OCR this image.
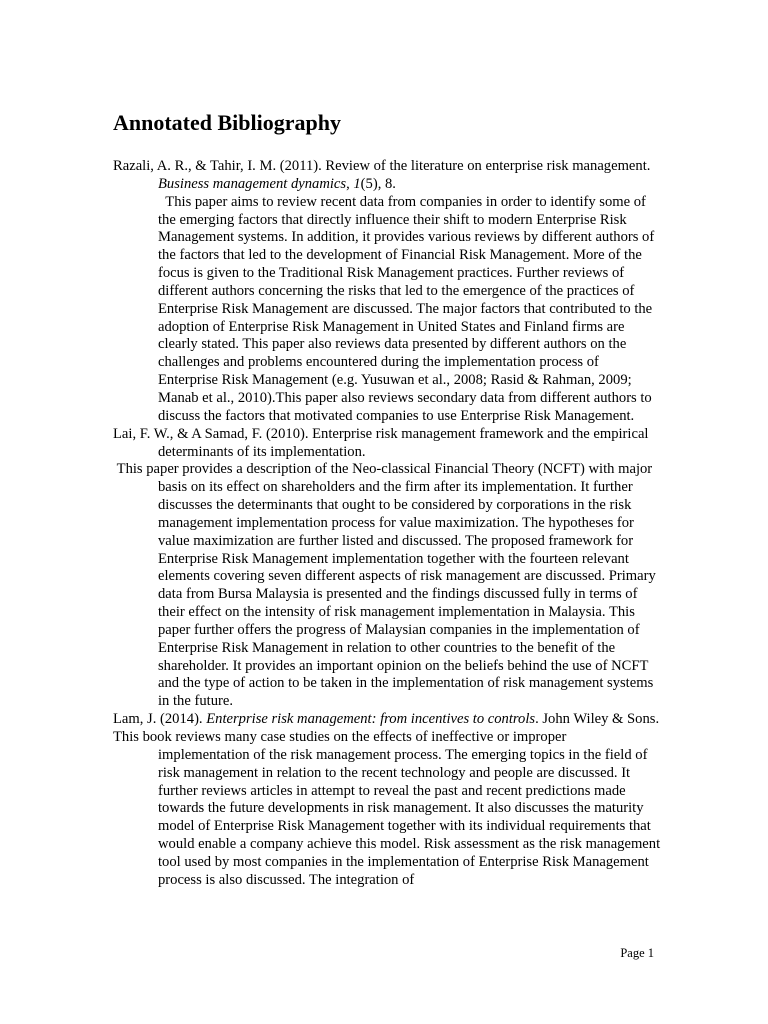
Annotated Bibliography

Razali, A. R., & Tahir, I. M. (2011). Review of the literature on enterprise risk management. Business management dynamics, 1(5), 8.

This paper aims to review recent data from companies in order to identify some of the emerging factors that directly influence their shift to modern Enterprise Risk Management systems. In addition, it provides various reviews by different authors of the factors that led to the development of Financial Risk Management. More of the focus is given to the Traditional Risk Management practices. Further reviews of different authors concerning the risks that led to the emergence of the practices of Enterprise Risk Management are discussed. The major factors that contributed to the adoption of Enterprise Risk Management in United States and Finland firms are clearly stated. This paper also reviews data presented by different authors on the challenges and problems encountered during the implementation process of Enterprise Risk Management (e.g. Yusuwan et al., 2008; Rasid & Rahman, 2009; Manab et al., 2010).This paper also reviews secondary data from different authors to discuss the factors that motivated companies to use Enterprise Risk Management.

Lai, F. W., & A Samad, F. (2010). Enterprise risk management framework and the empirical determinants of its implementation.

This paper provides a description of the Neo-classical Financial Theory (NCFT) with major basis on its effect on shareholders and the firm after its implementation. It further discusses the determinants that ought to be considered by corporations in the risk management implementation process for value maximization. The hypotheses for value maximization are further listed and discussed. The proposed framework for Enterprise Risk Management implementation together with the fourteen relevant elements covering seven different aspects of risk management are discussed. Primary data from Bursa Malaysia is presented and the findings discussed fully in terms of their effect on the intensity of risk management implementation in Malaysia. This paper further offers the progress of Malaysian companies in the implementation of Enterprise Risk Management in relation to other countries to the benefit of the shareholder. It provides an important opinion on the beliefs behind the use of NCFT and the type of action to be taken in the implementation of risk management systems in the future.

Lam, J. (2014). Enterprise risk management: from incentives to controls. John Wiley & Sons.

This book reviews many case studies on the effects of ineffective or improper implementation of the risk management process. The emerging topics in the field of risk management in relation to the recent technology and people are discussed. It further reviews articles in attempt to reveal the past and recent predictions made towards the future developments in risk management. It also discusses the maturity model of Enterprise Risk Management together with its individual requirements that would enable a company achieve this model. Risk assessment as the risk management tool used by most companies in the implementation of Enterprise Risk Management process is also discussed. The integration of

Page 1
